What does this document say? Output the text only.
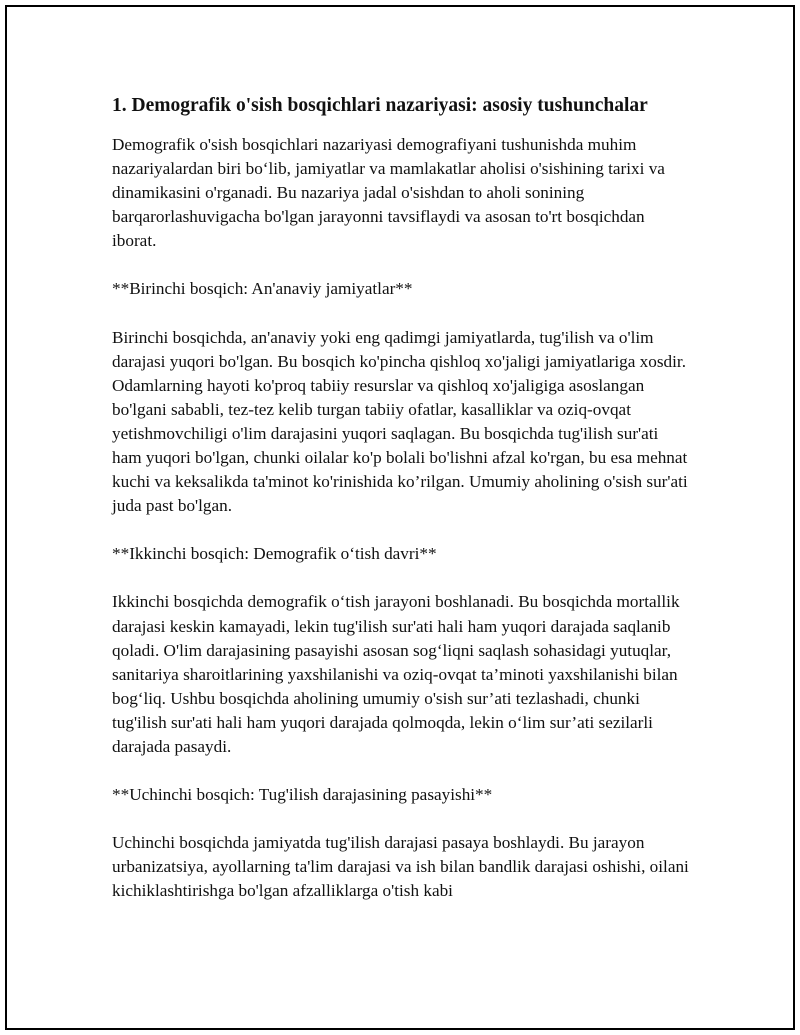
1. Demografik o'sish bosqichlari nazariyasi: asosiy tushunchalar

Demografik o'sish bosqichlari nazariyasi demografiyani tushunishda muhim nazariyalardan biri bo‘lib, jamiyatlar va mamlakatlar aholisi o'sishining tarixi va dinamikasini o'rganadi. Bu nazariya jadal o'sishdan to aholi sonining barqarorlashuvigacha bo'lgan jarayonni tavsiflaydi va asosan to'rt bosqichdan iborat.

**Birinchi bosqich: An'anaviy jamiyatlar**

Birinchi bosqichda, an'anaviy yoki eng qadimgi jamiyatlarda, tug'ilish va o'lim darajasi yuqori bo'lgan. Bu bosqich ko'pincha qishloq xo'jaligi jamiyatlariga xosdir. Odamlarning hayoti ko'proq tabiiy resurslar va qishloq xo'jaligiga asoslangan bo'lgani sababli, tez-tez kelib turgan tabiiy ofatlar, kasalliklar va oziq-ovqat yetishmovchiligi o'lim darajasini yuqori saqlagan. Bu bosqichda tug'ilish sur'ati ham yuqori bo'lgan, chunki oilalar ko'p bolali bo'lishni afzal ko'rgan, bu esa mehnat kuchi va keksalikda ta'minot ko'rinishida ko’rilgan. Umumiy aholining o'sish sur'ati juda past bo'lgan.

**Ikkinchi bosqich: Demografik o‘tish davri**

Ikkinchi bosqichda demografik o‘tish jarayoni boshlanadi. Bu bosqichda mortallik darajasi keskin kamayadi, lekin tug'ilish sur'ati hali ham yuqori darajada saqlanib qoladi. O'lim darajasining pasayishi asosan sog‘liqni saqlash sohasidagi yutuqlar, sanitariya sharoitlarining yaxshilanishi va oziq-ovqat ta’minoti yaxshilanishi bilan bog‘liq. Ushbu bosqichda aholining umumiy o'sish sur’ati tezlashadi, chunki tug'ilish sur'ati hali ham yuqori darajada qolmoqda, lekin o‘lim sur’ati sezilarli darajada pasaydi.

**Uchinchi bosqich: Tug'ilish darajasining pasayishi**

Uchinchi bosqichda jamiyatda tug'ilish darajasi pasaya boshlaydi. Bu jarayon urbanizatsiya, ayollarning ta'lim darajasi va ish bilan bandlik darajasi oshishi, oilani kichiklashtirishga bo'lgan afzalliklarga o'tish kabi
